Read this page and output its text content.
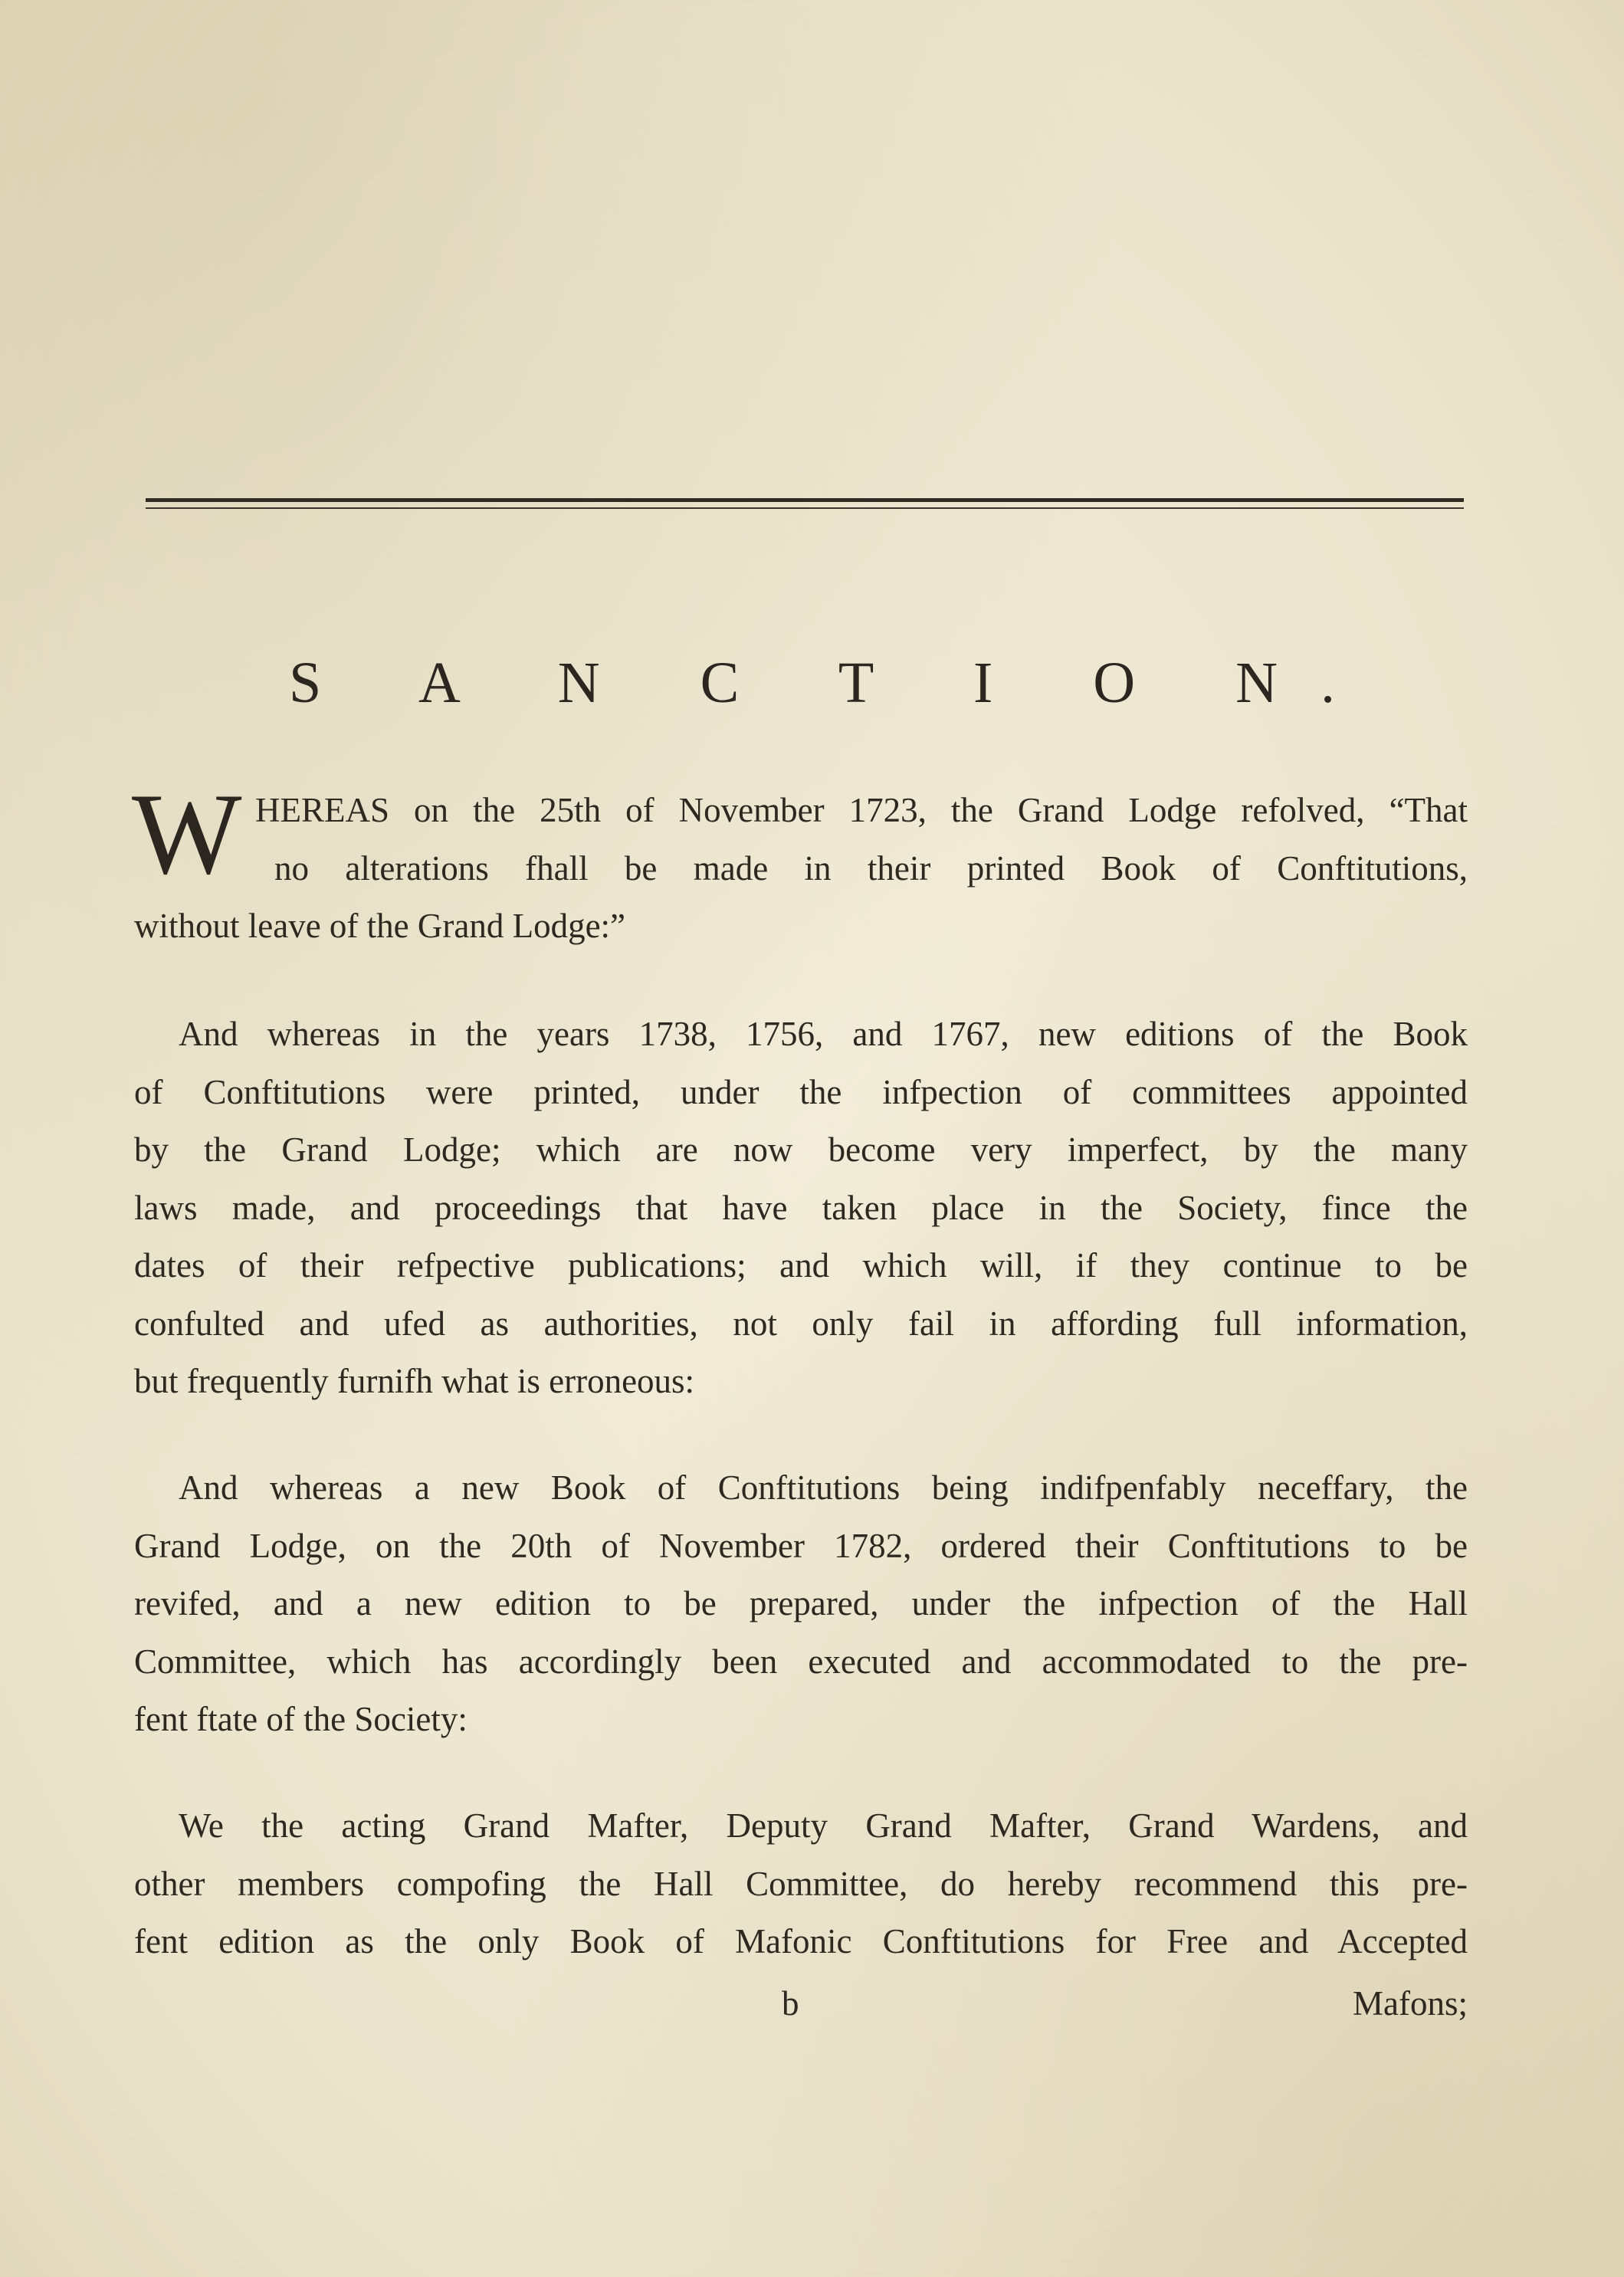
S A N C T I O N.
W HEREAS on the 25th of November 1723, the Grand Lodge refolved, “That
no alterations fhall be made in their printed Book of Conftitutions,
without leave of the Grand Lodge:”
And whereas in the years 1738, 1756, and 1767, new editions of the Book
of Conftitutions were printed, under the infpection of committees appointed
by the Grand Lodge; which are now become very imperfect, by the many
laws made, and proceedings that have taken place in the Society, fince the
dates of their refpective publications; and which will, if they continue to be
confulted and ufed as authorities, not only fail in affording full information,
but frequently furnifh what is erroneous:
And whereas a new Book of Conftitutions being indifpenfably neceffary, the
Grand Lodge, on the 20th of November 1782, ordered their Conftitutions to be
revifed, and a new edition to be prepared, under the infpection of the Hall
Committee, which has accordingly been executed and accommodated to the pre-
fent ftate of the Society:
We the acting Grand Mafter, Deputy Grand Mafter, Grand Wardens, and
other members compofing the Hall Committee, do hereby recommend this pre-
fent edition as the only Book of Mafonic Conftitutions for Free and Accepted
b	Mafons;
